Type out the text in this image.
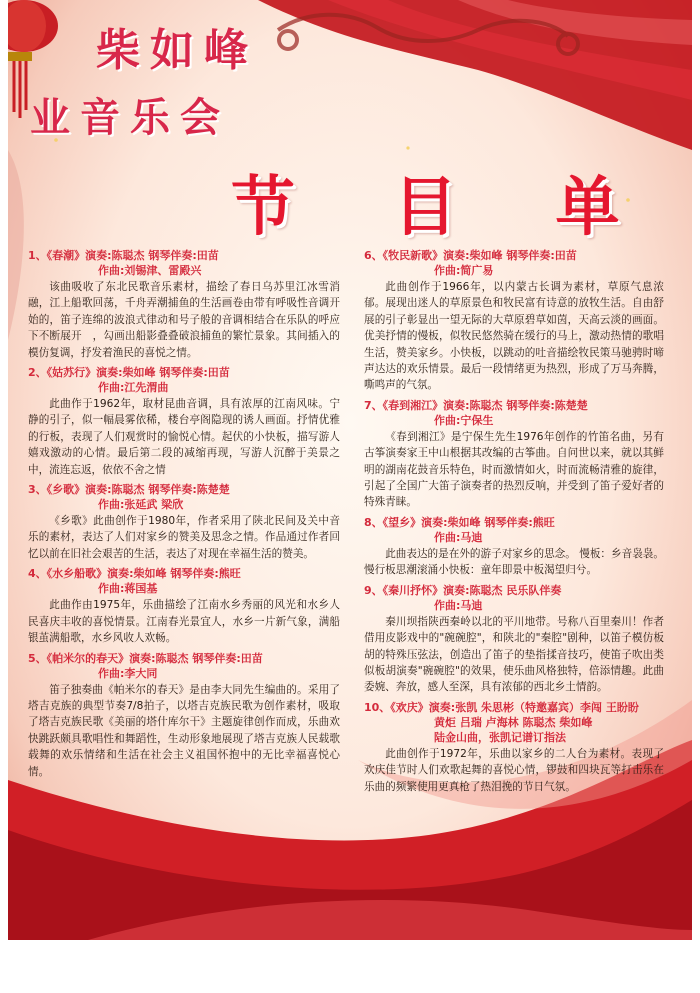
柴如峰
业音乐会
节 目 单
1、《春潮》演奏:陈聪杰 钢琴伴奏:田苗
作曲:刘锡津、雷殿兴
该曲吸收了东北民歌音乐素材，描绘了春日乌苏里江冰雪消融，江上船歌回荡，千舟弄潮捕鱼的生活画卷由带有呼吸性音调开始的，笛子连绵的波浪式律动和号子般的音调相结合在乐队的呼应下不断展开　，勾画出船影叠叠破浪捕鱼的繁忙景象。其间插入的模仿复调，抒发着渔民的喜悦之情。
2、《姑苏行》演奏:柴如峰 钢琴伴奏:田苗
作曲:江先渭曲
此曲作于1962年，取材昆曲音调，具有浓厚的江南风味。宁静的引子，似一幅晨雾依稀，楼台亭阁隐现的诱人画面。抒情优雅的行板，表现了人们观赏时的愉悦心情。起伏的小快板，描写游人嬉戏激动的心情。最后第二段的减缩再现，写游人沉醉于美景之中，流连忘返，依依不舍之情
3、《乡歌》演奏:陈聪杰 钢琴伴奏:陈楚楚
作曲:张延武 梁欣
《乡歌》此曲创作于1980年，作者采用了陕北民间及关中音乐的素材，表达了人们对家乡的赞美及思念之情。作品通过作者回忆以前在旧社会艰苦的生活，表达了对现在幸福生活的赞美。
4、《水乡船歌》演奏:柴如峰 钢琴伴奏:熊旺
作曲:蒋国基
此曲作由1975年，乐曲描绘了江南水乡秀丽的风光和水乡人民喜庆丰收的喜悦情景。江南春光景宜人，水乡一片新气象，满船银茧满船歌，水乡风收人欢畅。
5、《帕米尔的春天》演奏:陈聪杰 钢琴伴奏:田苗
作曲:李大同
笛子独奏曲《帕米尔的春天》是由李大同先生编曲的。采用了塔吉克族的典型节奏7/8拍子，以塔吉克族民歌为创作素材，吸取了塔吉克族民歌《美丽的塔什库尔干》主题旋律创作而成，乐曲欢快跳跃颇具歌唱性和舞蹈性，生动形象地展现了塔吉克族人民载歌载舞的欢乐情绪和生活在社会主义祖国怀抱中的无比幸福喜悦心情。
6、《牧民新歌》演奏:柴如峰 钢琴伴奏:田苗
作曲:简广易
此曲创作于1966年，以内蒙古长调为素材，草原气息浓郁。展现出迷人的草原景色和牧民富有诗意的放牧生活。自由舒展的引子彰显出一望无际的大草原碧草如茵，天高云淡的画面。优美抒情的慢板，似牧民悠然骑在缓行的马上，激动热情的歌唱生活，赞美家乡。小快板，以跳动的吐音描绘牧民策马驰骋时啼声达达的欢乐情景。最后一段情绪更为热烈，形成了万马奔腾，嘶鸣声的气氛。
7、《春到湘江》演奏:陈聪杰 钢琴伴奏:陈楚楚
作曲:宁保生
《春到湘江》是宁保生先生1976年创作的竹笛名曲，另有古筝演奏家王中山根据其改编的古筝曲。自问世以来，就以其鲜明的湖南花鼓音乐特色，时而激情如火，时而流畅清雅的旋律，引起了全国广大笛子演奏者的热烈反响，并受到了笛子爱好者的特殊青睐。
8、《望乡》演奏:柴如峰 钢琴伴奏:熊旺
作曲:马迪
此曲表达的是在外的游子对家乡的思念。 慢板：乡音袅袅。慢行板思潮滚涌小快板：童年即景中板渴望归兮。
9、《秦川抒怀》演奏:陈聪杰 民乐队伴奏
作曲:马迪
秦川坝指陕西秦岭以北的平川地带。号称八百里秦川！作者借用皮影戏中的"碗碗腔"，和陕北的"秦腔"剧种，以笛子模仿板胡的特殊压弦法，创造出了笛子的垫指揉音技巧，使笛子吹出类似板胡演奏"碗碗腔"的效果，使乐曲风格独特，倍添情趣。此曲委婉、奔放，感人至深，具有浓郁的西北乡土情韵。
10、《欢庆》演奏:张凯 朱思彬（特邀嘉宾）李闯 王盼盼
黄炬 吕瑞 卢海林 陈聪杰 柴如峰
陆金山曲，张凯记谱订指法
此曲创作于1972年，乐曲以家乡的二人台为素材。表现了欢庆佳节时人们欢歌起舞的喜悦心情，锣鼓和四块瓦等打击乐在乐曲的频繁使用更真枪了热泪挽的节日气氛。
